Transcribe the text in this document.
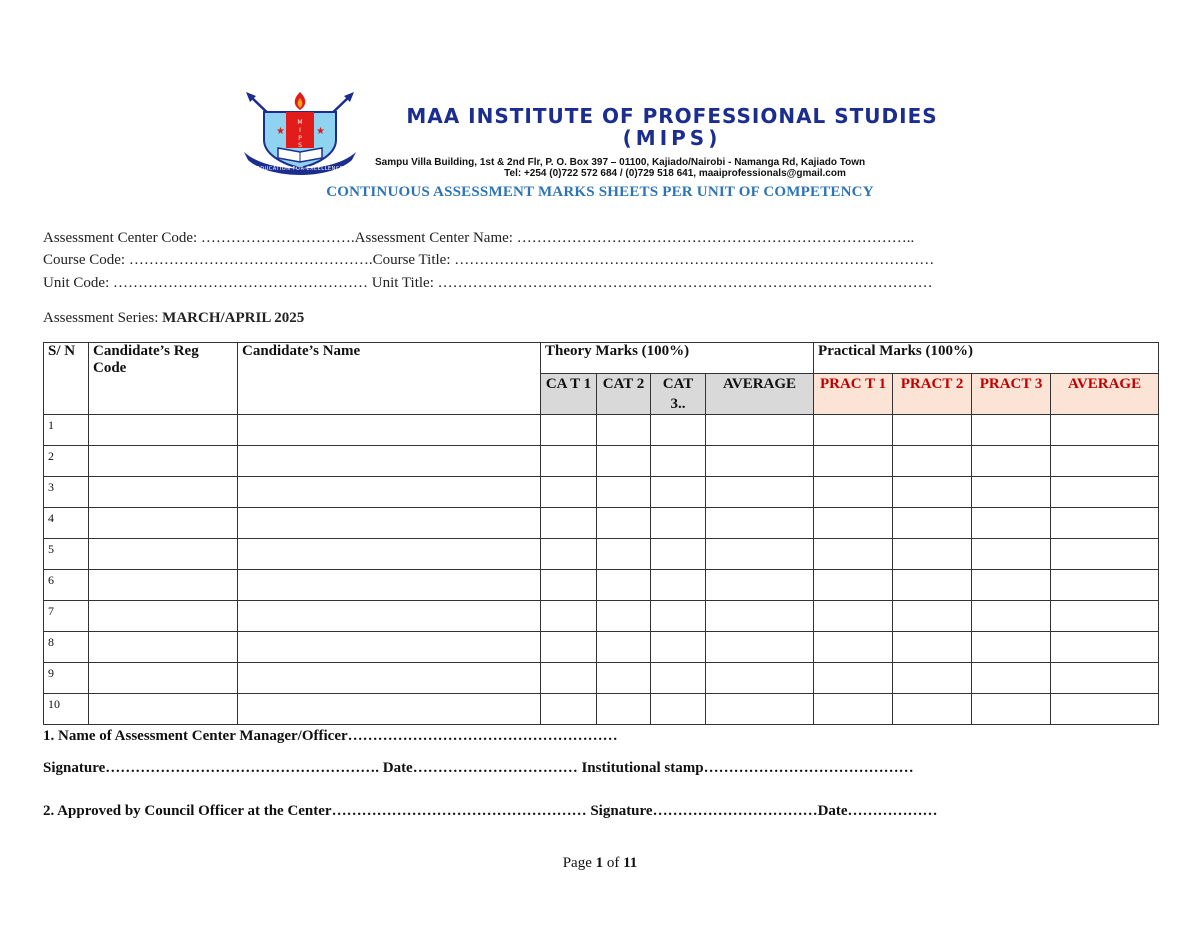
M
I
P
S
★	★
EDUCATION FOR EXCELLENCE
MAA INSTITUTE OF PROFESSIONAL STUDIES
(MIPS)
Sampu Villa Building, 1st & 2nd Flr, P. O. Box 397 – 01100, Kajiado/Nairobi - Namanga Rd, Kajiado Town
Tel: +254 (0)722 572 684 / (0)729 518 641, maaiprofessionals@gmail.com
CONTINUOUS ASSESSMENT MARKS SHEETS PER UNIT OF COMPETENCY
Assessment Center Code: ………………………….Assessment Center Name: ……………………………………………………………………..
Course Code: ………………………………………….Course Title: ……………………………………………………………………………………
Unit Code: …………………………………………… Unit Title: ………………………………………………………………………………………
Assessment Series: MARCH/APRIL 2025
S/ N	Candidate’s Reg Code	Candidate’s Name	Theory Marks (100%)				Practical Marks (100%)			
			CA T 1	CAT 2	CAT 3..	AVERAGE	PRAC T 1	PRACT 2	PRACT 3	AVERAGE
1										
2										
3										
4										
5										
6										
7										
8										
9										
10										
1. Name of Assessment Center Manager/Officer………………………………………………
Signature………………………………………………. Date…………………………… Institutional stamp……………………………………
2. Approved by Council Officer at the Center…………………………………………… Signature……………………………Date………………
Page 1 of 11
